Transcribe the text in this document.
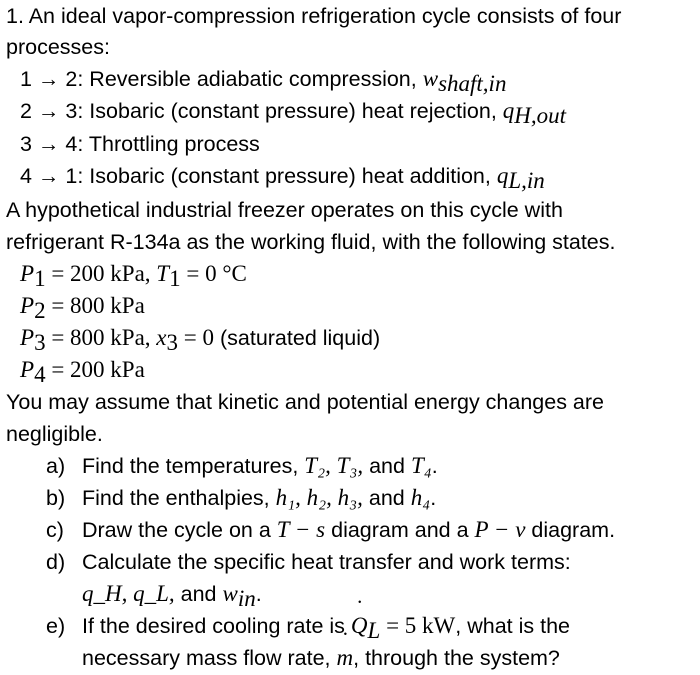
1. An ideal vapor-compression refrigeration cycle consists of four
processes:
1 → 2: Reversible adiabatic compression, $w_{shaft,in}$
2 → 3: Isobaric (constant pressure) heat rejection, $q_{H,out}$
3 → 4: Throttling process
4 → 1: Isobaric (constant pressure) heat addition, $q_{L,in}$
A hypothetical industrial freezer operates on this cycle with
refrigerant R-134a as the working fluid, with the following states.
$P_1 = 200$ kPa, $T_1 = 0$ °C
$P_2 = 800$ kPa
$P_3 = 800$ kPa, $x_3 = 0$ (saturated liquid)
$P_4 = 200$ kPa
You may assume that kinetic and potential energy changes are
negligible.
a) Find the temperatures, T₂, T₃, and T₄.
b) Find the enthalpies, h₁, h₂, h₃, and h₄.
c) Draw the cycle on a T − s diagram and a P − v diagram.
d) Calculate the specific heat transfer and work terms:
q_H, q_L, and $w_{in}$.
e) If the desired cooling rate is ˙ $Q_L = 5$ kW, what is the
necessary mass flow rate, ˙ m, through the system?
